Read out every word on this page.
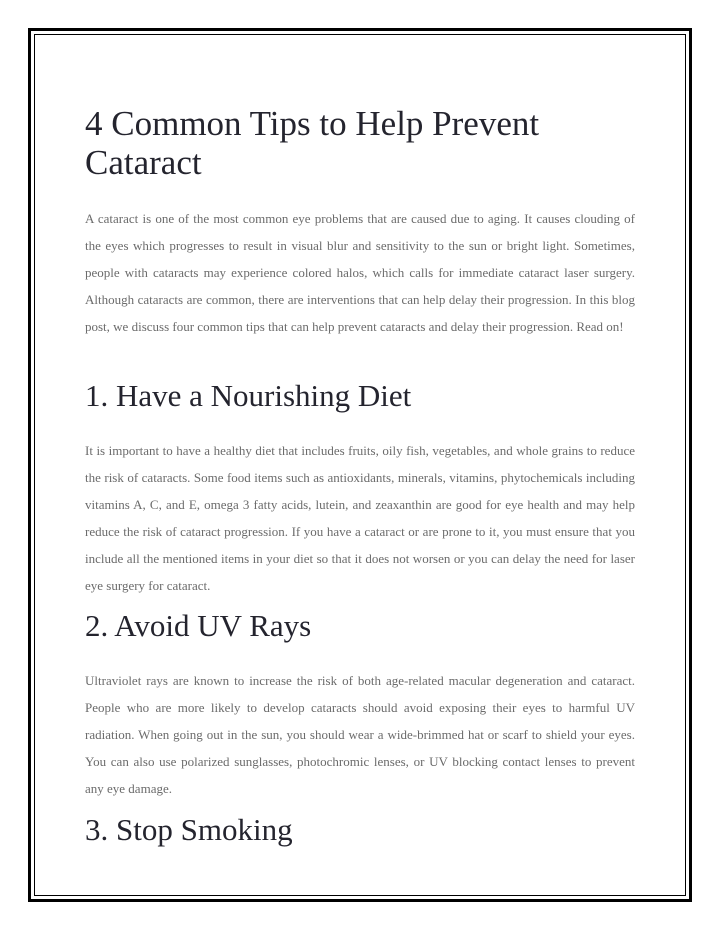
4 Common Tips to Help Prevent Cataract

A cataract is one of the most common eye problems that are caused due to aging. It causes clouding of the eyes which progresses to result in visual blur and sensitivity to the sun or bright light. Sometimes, people with cataracts may experience colored halos, which calls for immediate cataract laser surgery. Although cataracts are common, there are interventions that can help delay their progression. In this blog post, we discuss four common tips that can help prevent cataracts and delay their progression. Read on!

1. Have a Nourishing Diet

It is important to have a healthy diet that includes fruits, oily fish, vegetables, and whole grains to reduce the risk of cataracts. Some food items such as antioxidants, minerals, vitamins, phytochemicals including vitamins A, C, and E, omega 3 fatty acids, lutein, and zeaxanthin are good for eye health and may help reduce the risk of cataract progression. If you have a cataract or are prone to it, you must ensure that you include all the mentioned items in your diet so that it does not worsen or you can delay the need for laser eye surgery for cataract.

2. Avoid UV Rays

Ultraviolet rays are known to increase the risk of both age-related macular degeneration and cataract. People who are more likely to develop cataracts should avoid exposing their eyes to harmful UV radiation. When going out in the sun, you should wear a wide-brimmed hat or scarf to shield your eyes. You can also use polarized sunglasses, photochromic lenses, or UV blocking contact lenses to prevent any eye damage.

3. Stop Smoking
